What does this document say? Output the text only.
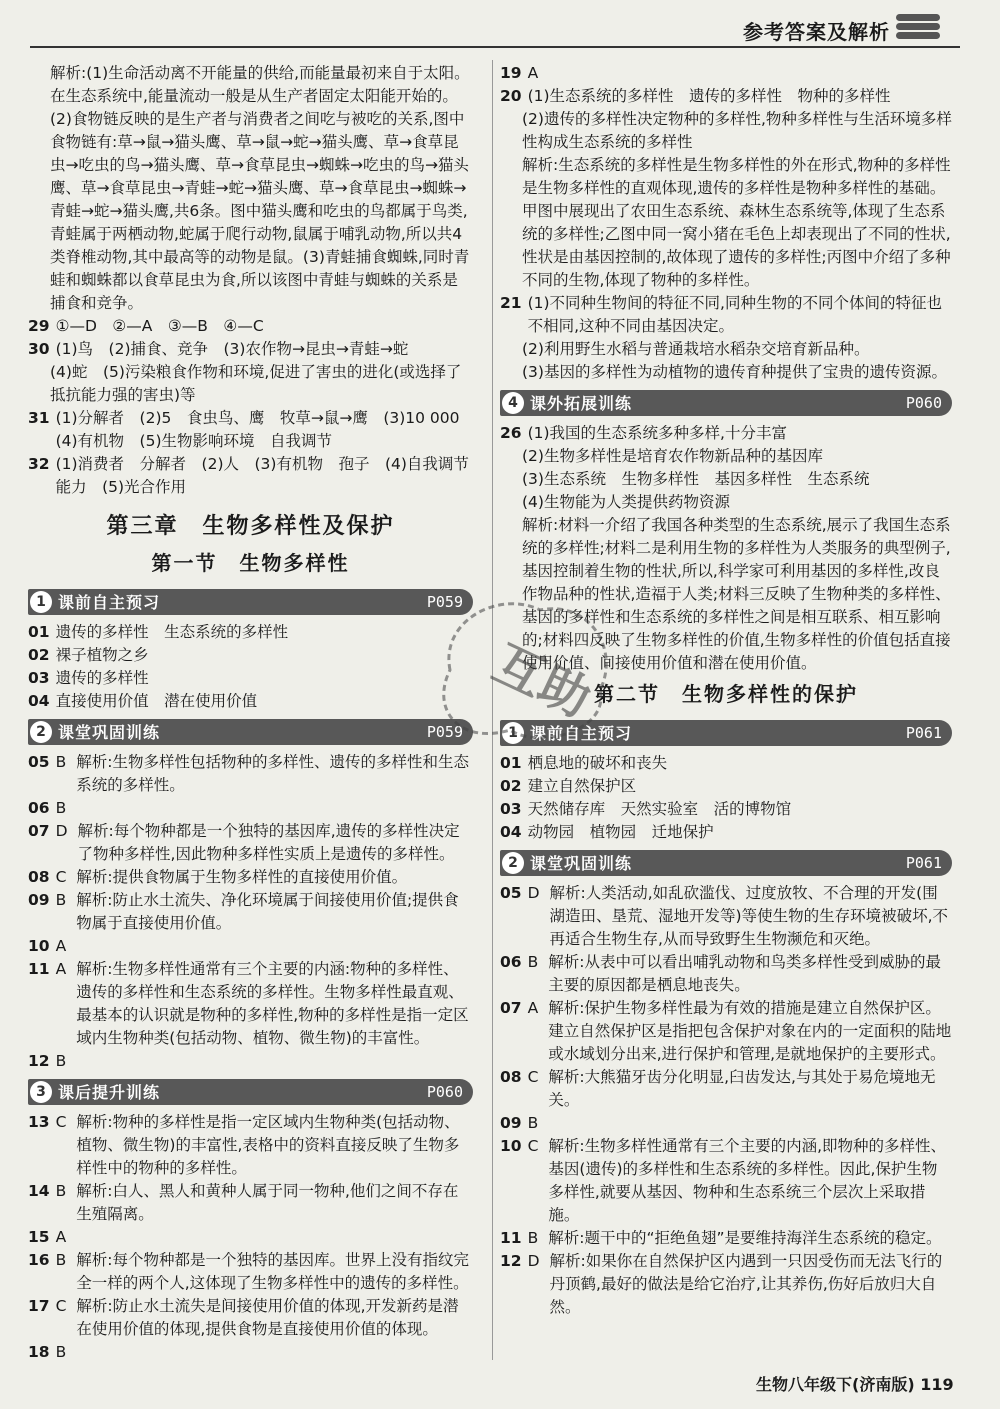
参考答案及解析
解析:(1)生命活动离不开能量的供给,而能量最初来自于太阳。在生态系统中,能量流动一般是从生产者固定太阳能开始的。(2)食物链反映的是生产者与消费者之间吃与被吃的关系,图中食物链有:草→鼠→猫头鹰、草→鼠→蛇→猫头鹰、草→食草昆虫→吃虫的鸟→猫头鹰、草→食草昆虫→蜘蛛→吃虫的鸟→猫头鹰、草→食草昆虫→青蛙→蛇→猫头鹰、草→食草昆虫→蜘蛛→青蛙→蛇→猫头鹰,共6条。图中猫头鹰和吃虫的鸟都属于鸟类,青蛙属于两栖动物,蛇属于爬行动物,鼠属于哺乳动物,所以共4类脊椎动物,其中最高等的动物是鼠。(3)青蛙捕食蜘蛛,同时青蛙和蜘蛛都以食草昆虫为食,所以该图中青蛙与蜘蛛的关系是捕食和竞争。
29 ①—D　②—A　③—B　④—C
30 (1)鸟　(2)捕食、竞争　(3)农作物→昆虫→青蛙→蛇
(4)蛇　(5)污染粮食作物和环境,促进了害虫的进化(或选择了抵抗能力强的害虫)等
31 (1)分解者　(2)5　食虫鸟、鹰　牧草→鼠→鹰　(3)10 000　(4)有机物　(5)生物影响环境　自我调节
32 (1)消费者　分解者　(2)人　(3)有机物　孢子　(4)自我调节能力　(5)光合作用
第三章　生物多样性及保护
第一节　生物多样性
1 课前自主预习	P059
01 遗传的多样性　生态系统的多样性
02 裸子植物之乡
03 遗传的多样性
04 直接使用价值　潜在使用价值
2 课堂巩固训练	P059
05 B 解析:生物多样性包括物种的多样性、遗传的多样性和生态系统的多样性。
06 B
07 D 解析:每个物种都是一个独特的基因库,遗传的多样性决定了物种多样性,因此物种多样性实质上是遗传的多样性。
08 C 解析:提供食物属于生物多样性的直接使用价值。
09 B 解析:防止水土流失、净化环境属于间接使用价值;提供食物属于直接使用价值。
10 A
11 A 解析:生物多样性通常有三个主要的内涵:物种的多样性、遗传的多样性和生态系统的多样性。生物多样性最直观、最基本的认识就是物种的多样性,物种的多样性是指一定区域内生物种类(包括动物、植物、微生物)的丰富性。
12 B
3 课后提升训练	P060
13 C 解析:物种的多样性是指一定区域内生物种类(包括动物、植物、微生物)的丰富性,表格中的资料直接反映了生物多样性中的物种的多样性。
14 B 解析:白人、黑人和黄种人属于同一物种,他们之间不存在生殖隔离。
15 A
16 B 解析:每个物种都是一个独特的基因库。世界上没有指纹完全一样的两个人,这体现了生物多样性中的遗传的多样性。
17 C 解析:防止水土流失是间接使用价值的体现,开发新药是潜在使用价值的体现,提供食物是直接使用价值的体现。
18 B
19 A
20 (1)生态系统的多样性　遗传的多样性　物种的多样性
(2)遗传的多样性决定物种的多样性,物种多样性与生活环境多样性构成生态系统的多样性
解析:生态系统的多样性是生物多样性的外在形式,物种的多样性是生物多样性的直观体现,遗传的多样性是物种多样性的基础。甲图中展现出了农田生态系统、森林生态系统等,体现了生态系统的多样性;乙图中同一窝小猪在毛色上却表现出了不同的性状,性状是由基因控制的,故体现了遗传的多样性;丙图中介绍了多种不同的生物,体现了物种的多样性。
21 (1)不同种生物间的特征不同,同种生物的不同个体间的特征也不相同,这种不同由基因决定。
(2)利用野生水稻与普通栽培水稻杂交培育新品种。
(3)基因的多样性为动植物的遗传育种提供了宝贵的遗传资源。
4 课外拓展训练	P060
26 (1)我国的生态系统多种多样,十分丰富
(2)生物多样性是培育农作物新品种的基因库
(3)生态系统　生物多样性　基因多样性　生态系统
(4)生物能为人类提供药物资源
解析:材料一介绍了我国各种类型的生态系统,展示了我国生态系统的多样性;材料二是利用生物的多样性为人类服务的典型例子,基因控制着生物的性状,所以,科学家可利用基因的多样性,改良作物品种的性状,造福于人类;材料三反映了生物种类的多样性、基因的多样性和生态系统的多样性之间是相互联系、相互影响的;材料四反映了生物多样性的价值,生物多样性的价值包括直接使用价值、间接使用价值和潜在使用价值。
第二节　生物多样性的保护
1 课前自主预习	P061
01 栖息地的破坏和丧失
02 建立自然保护区
03 天然储存库　天然实验室　活的博物馆
04 动物园　植物园　迁地保护
2 课堂巩固训练	P061
05 D 解析:人类活动,如乱砍滥伐、过度放牧、不合理的开发(围湖造田、垦荒、湿地开发等)等使生物的生存环境被破坏,不再适合生物生存,从而导致野生生物濒危和灭绝。
06 B 解析:从表中可以看出哺乳动物和鸟类多样性受到威胁的最主要的原因都是栖息地丧失。
07 A 解析:保护生物多样性最为有效的措施是建立自然保护区。建立自然保护区是指把包含保护对象在内的一定面积的陆地或水域划分出来,进行保护和管理,是就地保护的主要形式。
08 C 解析:大熊猫牙齿分化明显,臼齿发达,与其处于易危境地无关。
09 B
10 C 解析:生物多样性通常有三个主要的内涵,即物种的多样性、基因(遗传)的多样性和生态系统的多样性。因此,保护生物多样性,就要从基因、物种和生态系统三个层次上采取措施。
11 B 解析:题干中的“拒绝鱼翅”是要维持海洋生态系统的稳定。
12 D 解析:如果你在自然保护区内遇到一只因受伤而无法飞行的丹顶鹤,最好的做法是给它治疗,让其养伤,伤好后放归大自然。
互助
生物八年级下(济南版) 119
